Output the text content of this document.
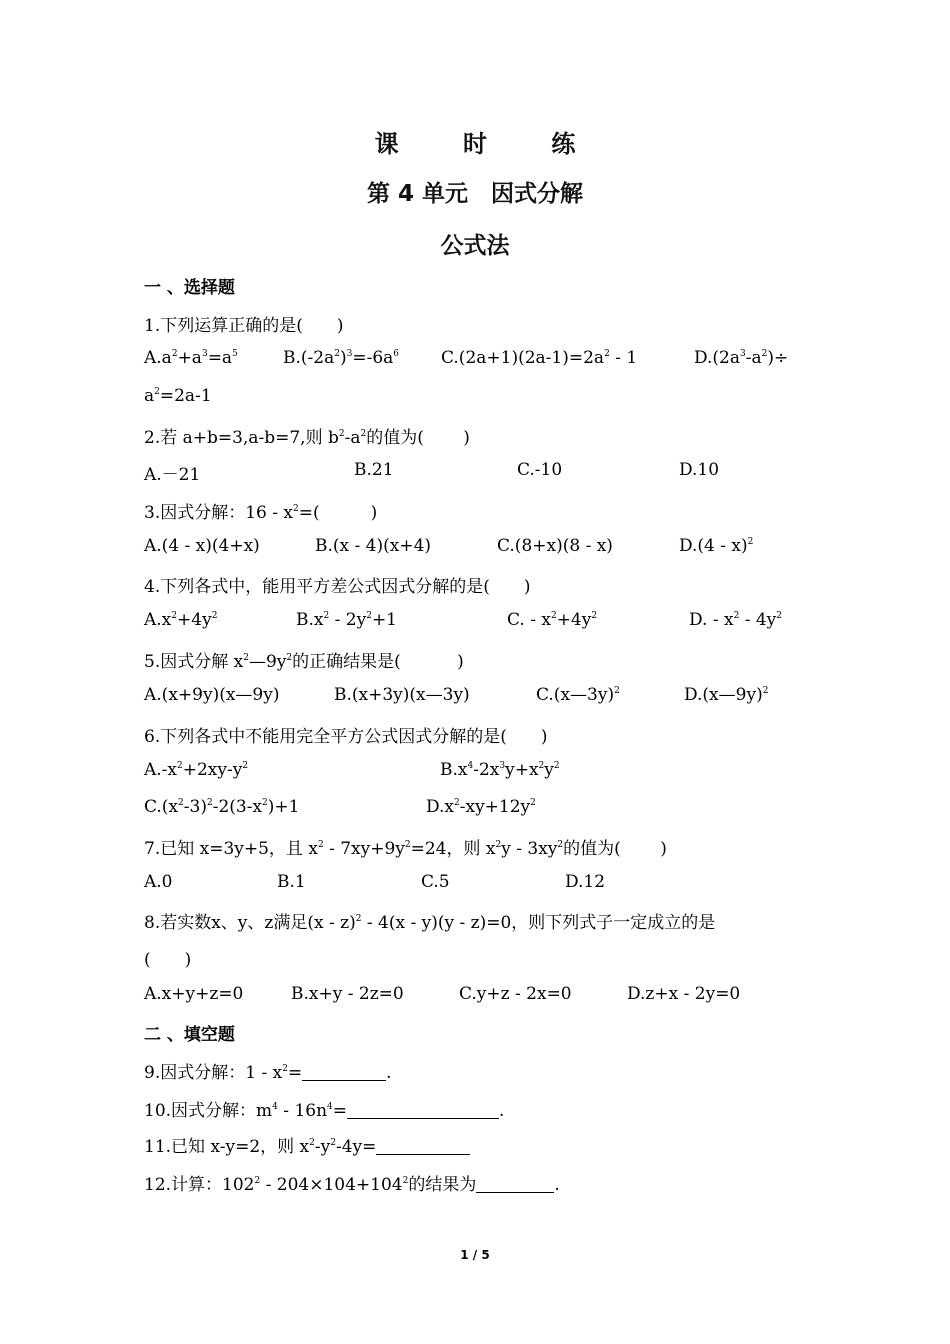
课 时 练
第 4 单元　因式分解
公式法
一 、选择题
1.下列运算正确的是(　　)
$A.a^2+a^3=a^5$	$B.(-2a^2)^3=-6a^6$ $C.(2a+1)(2a-1)=2a^2 - 1$	$D.(2a^3-a^2)\div$
$a^2=2a-1$
2.若 a+b=3,a-b=7,则 $b^2-a^2$的值为(　　 )
A.－21	B.21	C.-10	D.10
3.因式分解：$16 - x^2=$(　　　)
A.(4 - x)(4+x)	B.(x - 4)(x+4)	C.(8+x)(8 - x)	D.(4 - x)$^2$
4.下列各式中，能用平方差公式因式分解的是(　　)
$A.x^2+4y^2$	$B.x^2 - 2y^2+1$	C. - $x^2+4y^2$	D. - $x^2 - 4y^2$
5.因式分解 $x^2—9y^2$的正确结果是(　　　 )
A.(x+9y)(x—9y)	B.(x+3y)(x—3y)	C.(x—3y)$^2$	D.(x—9y)$^2$
6.下列各式中不能用完全平方公式因式分解的是(　　)
$A.-x^2+2xy-y^2$	$B.x^4-2x^3y+x^2y^2$
$C.(x^2-3)^2-2(3-x^2)+1$	$D.x^2-xy+12y^2$
7.已知 x=3y+5，且 $x^2 - 7xy+9y^2=24$，则 $x^2y - 3xy^2$的值为(　　 )
A.0	B.1	C.5	D.12
8.若实数x、y、z满足(x - z)$^2$ - 4(x - y)(y - z)=0，则下列式子一定成立的是
(　　)
A.x+y+z=0	B.x+y - 2z=0	C.y+z - 2x=0	D.z+x - 2y=0
二 、填空题
9.因式分解：$1 - x^2=$	.
10.因式分解：$m^4 - 16n^4=$	.
11.已知 x-y=2，则 $x^2-y^2-4y=$
12.计算：$102^2 - 204\times 104+104^2$的结果为	.
1 / 5
